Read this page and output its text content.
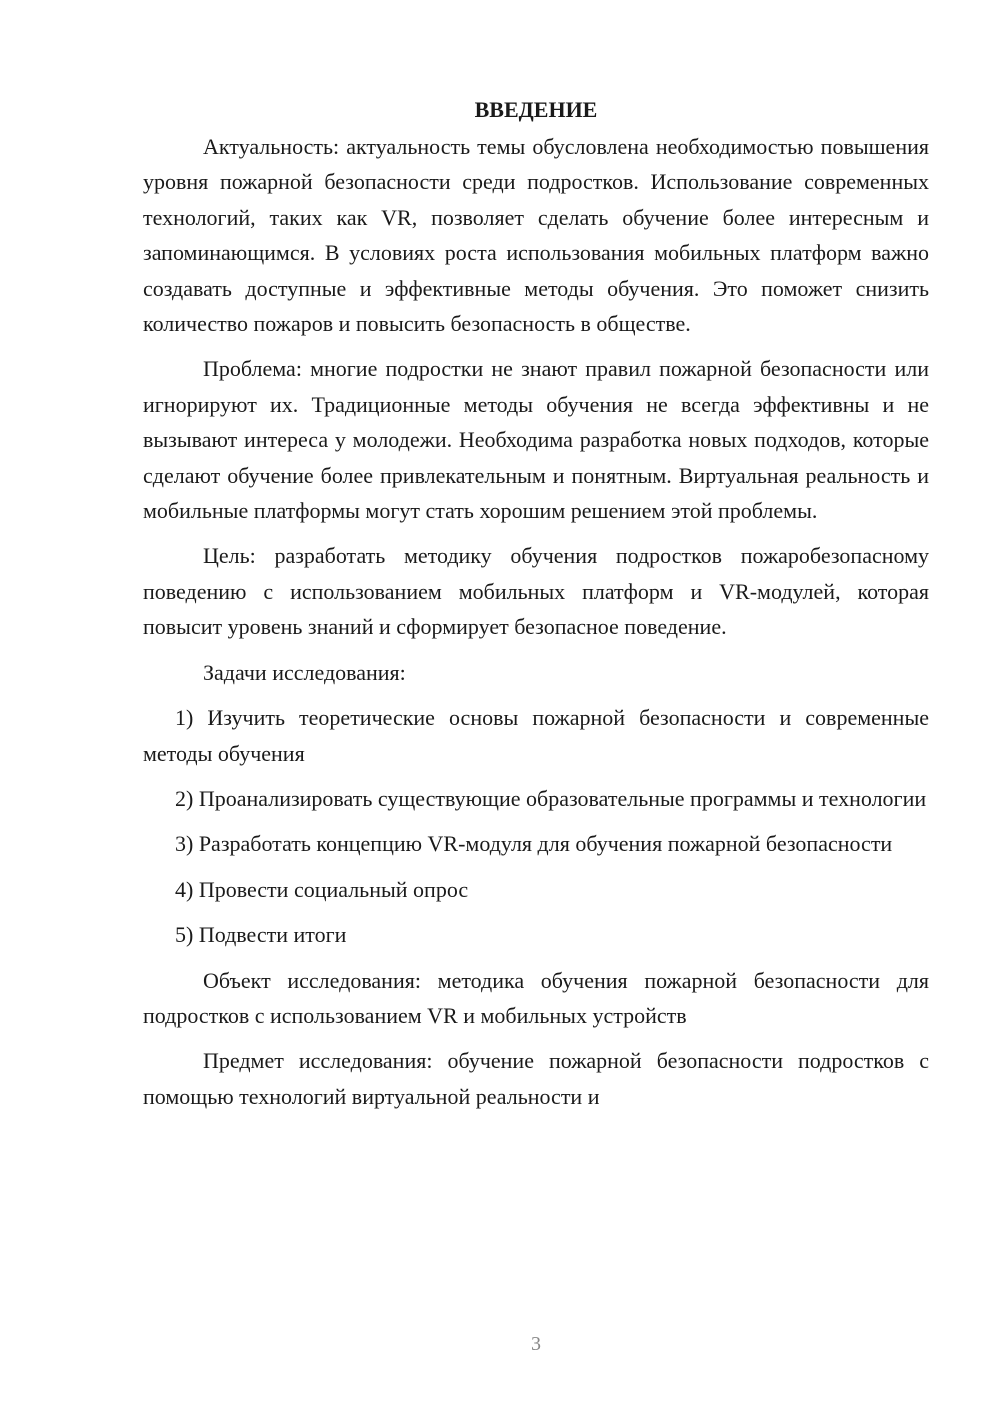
ВВЕДЕНИЕ

Актуальность: актуальность темы обусловлена необходимостью повышения уровня пожарной безопасности среди подростков. Использование современных технологий, таких как VR, позволяет сделать обучение более интересным и запоминающимся. В условиях роста использования мобильных платформ важно создавать доступные и эффективные методы обучения. Это поможет снизить количество пожаров и повысить безопасность в обществе.

Проблема: многие подростки не знают правил пожарной безопасности или игнорируют их. Традиционные методы обучения не всегда эффективны и не вызывают интереса у молодежи. Необходима разработка новых подходов, которые сделают обучение более привлекательным и понятным. Виртуальная реальность и мобильные платформы могут стать хорошим решением этой проблемы.

Цель: разработать методику обучения подростков пожаробезопасному поведению с использованием мобильных платформ и VR-модулей, которая повысит уровень знаний и сформирует безопасное поведение.

Задачи исследования:

1) Изучить теоретические основы пожарной безопасности и современные методы обучения

2) Проанализировать существующие образовательные программы и технологии

3) Разработать концепцию VR-модуля для обучения пожарной безопасности

4) Провести социальный опрос

5) Подвести итоги

Объект исследования: методика обучения пожарной безопасности для подростков с использованием VR и мобильных устройств

Предмет исследования: обучение пожарной безопасности подростков с помощью технологий виртуальной реальности и

3
